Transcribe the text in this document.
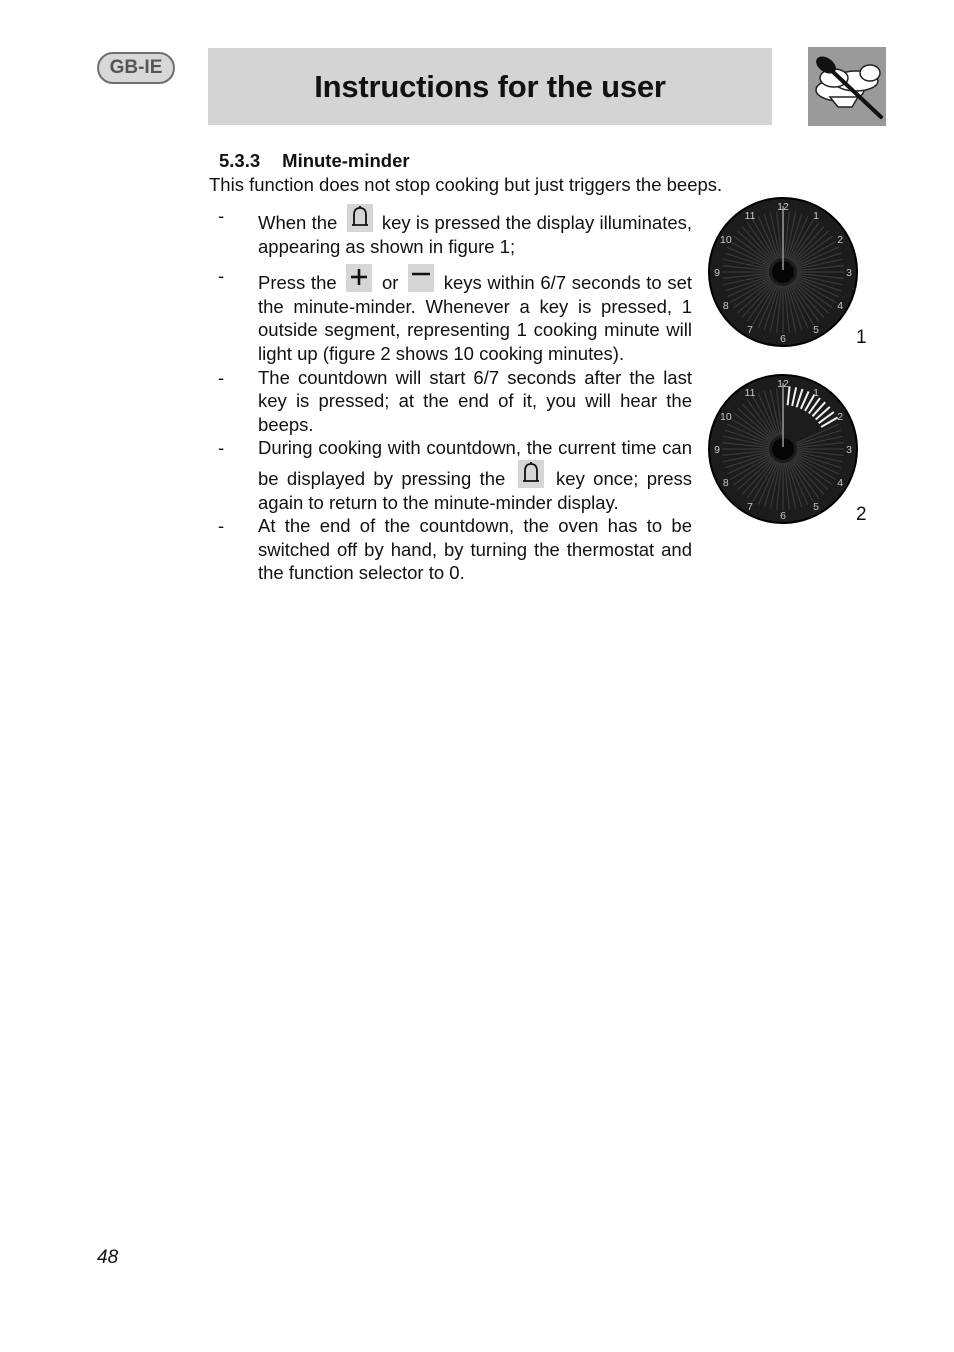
GB-IE
Instructions for the user
5.3.3 Minute-minder
This function does not stop cooking but just triggers the beeps.
- When the key is pressed the display illuminates, appearing as shown in figure 1;
- Press the or keys within 6/7 seconds to set the minute-minder. Whenever a key is pressed, 1 outside segment, representing 1 cooking minute will light up (figure 2 shows 10 cooking minutes).
- The countdown will start 6/7 seconds after the last key is pressed; at the end of it, you will hear the beeps.
- During cooking with countdown, the current time can be displayed by pressing the	key once; press again to return to the minute-minder display.
- At the end of the countdown, the oven has to be switched off by hand, by turning the thermostat and the function selector to 0.
12
1
2
3
4
5
6
7
8
9
10
11
1
12
1
2
3
4
5
6
7
8
9
10
11
2
48
